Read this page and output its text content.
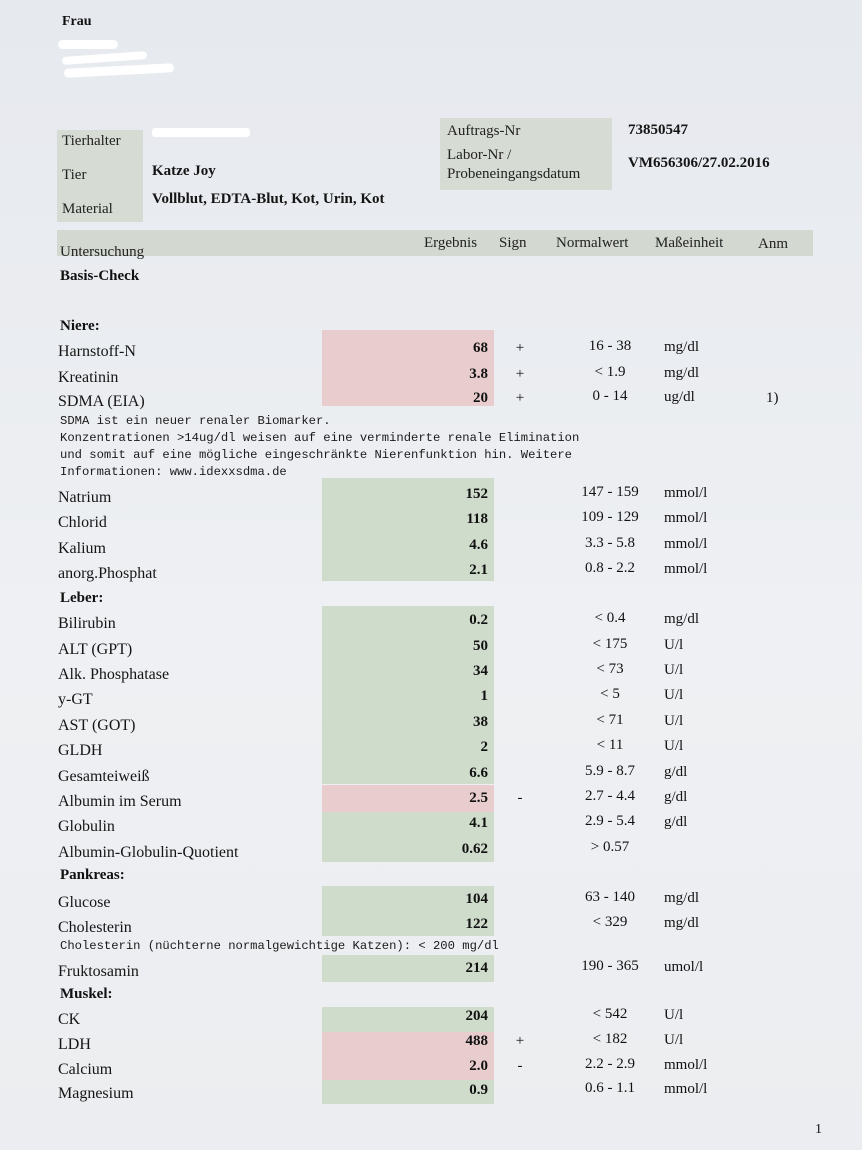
Frau
Tierhalter
Tier	Katze Joy
Material
Vollblut, EDTA-Blut, Kot, Urin, Kot
Auftrags-Nr	73850547
Labor-Nr /
Probeneingangsdatum
VM656306/27.02.2016
Untersuchung
Ergebnis Sign Normalwert Maßeinheit Anm
Basis-Check
Niere:
Leber:
Pankreas:
Muskel:
SDMA ist ein neuer renaler Biomarker.
Konzentrationen >14ug/dl weisen auf eine verminderte renale Elimination
und somit auf eine mögliche eingeschränkte Nierenfunktion hin. Weitere
Informationen: www.idexxsdma.de
Cholesterin (nüchterne normalgewichtige Katzen): < 200 mg/dl
Harnstoff-N	68	+	16 - 38	mg/dl
Kreatinin	3.8	+	< 1.9	mg/dl
SDMA (EIA)	20	+	0 - 14	ug/dl	1)
Natrium	152	147 - 159	mmol/l
Chlorid	118	109 - 129	mmol/l
Kalium	4.6	3.3 - 5.8	mmol/l
anorg.Phosphat	2.1	0.8 - 2.2	mmol/l
Bilirubin	0.2	< 0.4	mg/dl
ALT (GPT)	50	< 175	U/l
Alk. Phosphatase	34	< 73	U/l
y-GT	1	< 5	U/l
AST (GOT)	38	< 71	U/l
GLDH	2	< 11	U/l
Gesamteiweiß	6.6	5.9 - 8.7	g/dl
Albumin im Serum	2.5	-	2.7 - 4.4	g/dl
Globulin	4.1	2.9 - 5.4	g/dl
Albumin-Globulin-Quotient	0.62	> 0.57
Glucose	104	63 - 140	mg/dl
Cholesterin	122	< 329	mg/dl
Fruktosamin	214	190 - 365	umol/l
CK	204	< 542	U/l
LDH	488	+	< 182	U/l
Calcium	2.0	-	2.2 - 2.9	mmol/l
Magnesium	0.9	0.6 - 1.1	mmol/l
1
